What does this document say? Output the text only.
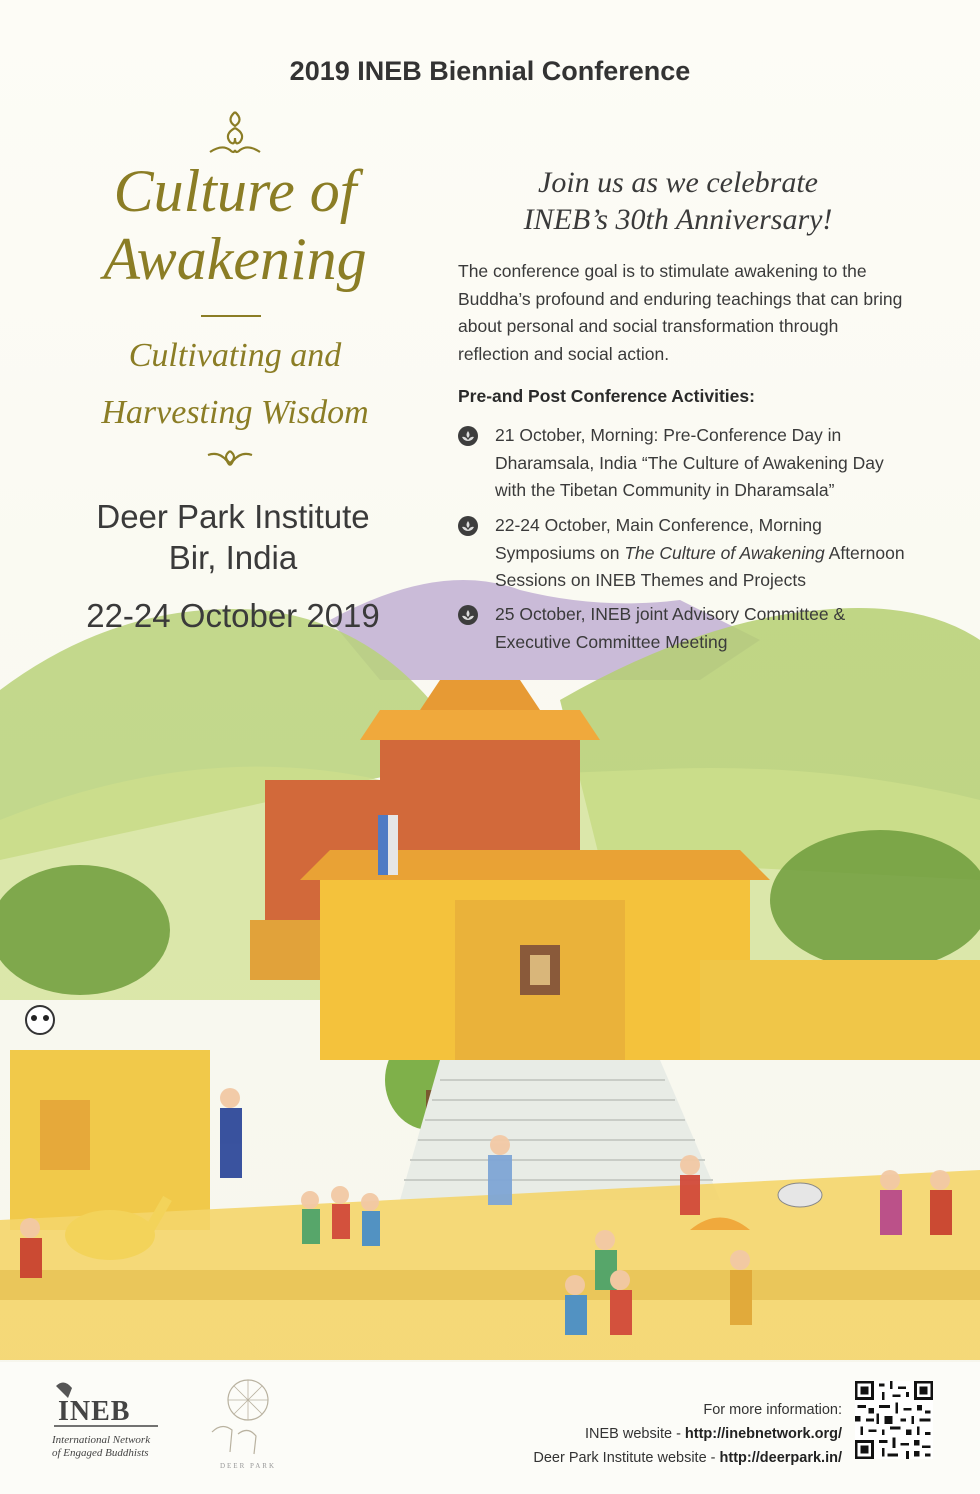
2019 INEB Biennial Conference
Culture of
Awakening
Cultivating and
Harvesting Wisdom
Deer Park Institute
Bir, India
22-24 October 2019
Join us as we celebrate
INEB’s 30th Anniversary!
The conference goal is to stimulate awakening to the Buddha’s profound and enduring teachings that can bring about personal and social transformation through reflection and social action.
Pre-and Post Conference Activities:
21 October, Morning: Pre-Conference Day in Dharamsala, India “The Culture of Awakening Day with the Tibetan Community in Dharamsala”
22-24 October, Main Conference, Morning Symposiums on The Culture of Awakening Afternoon Sessions on INEB Themes and Projects
25 October, INEB joint Advisory Committee & Executive Committee Meeting
INEB
International Network
of Engaged Buddhists
DEER PARK
For more information:
INEB website - http://inebnetwork.org/
Deer Park Institute website - http://deerpark.in/
